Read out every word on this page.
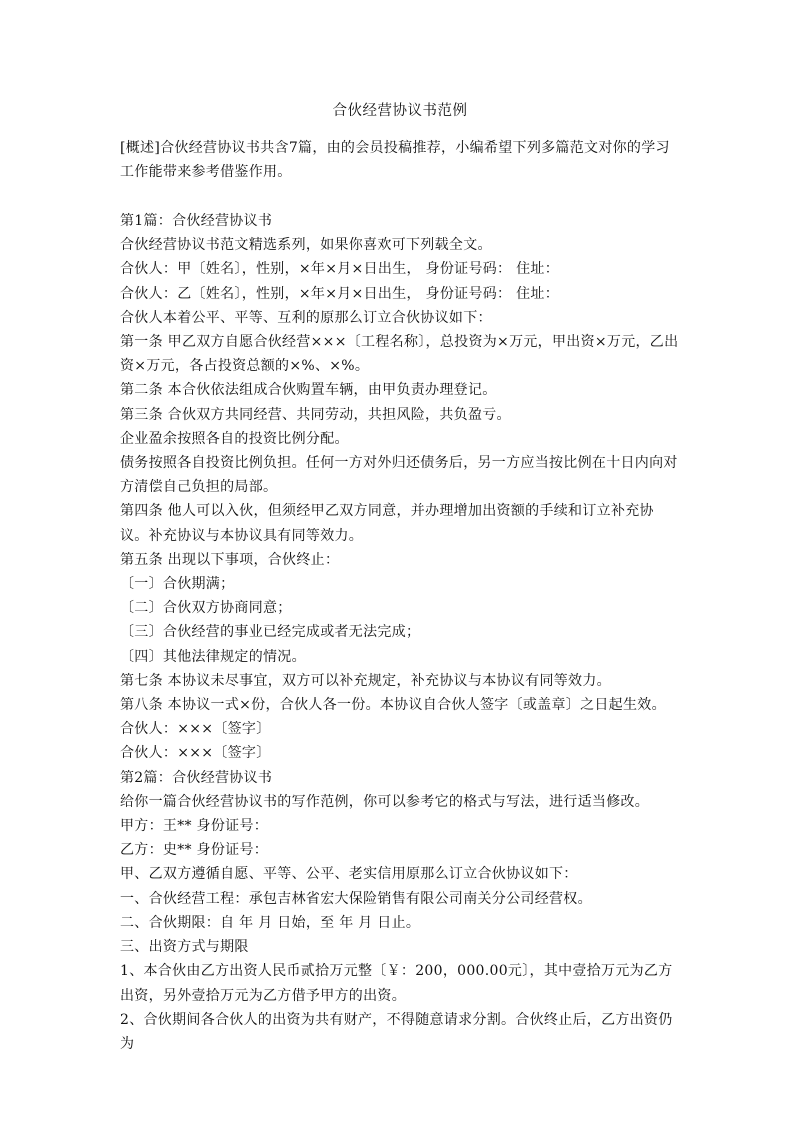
合伙经营协议书范例
[概述]合伙经营协议书共含7篇，由的会员投稿推荐，小编希望下列多篇范文对你的学习工作能带来参考借鉴作用。
第1篇：合伙经营协议书
合伙经营协议书范文精选系列，如果你喜欢可下列载全文。
合伙人：甲〔姓名〕，性别，×年×月×日出生， 身份证号码： 住址：
合伙人：乙〔姓名〕，性别，×年×月×日出生， 身份证号码： 住址：
合伙人本着公平、平等、互利的原那么订立合伙协议如下：
第一条 甲乙双方自愿合伙经营×××〔工程名称〕，总投资为×万元，甲出资×万元，乙出资×万元，各占投资总额的×%、×%。
第二条 本合伙依法组成合伙购置车辆，由甲负责办理登记。
第三条 合伙双方共同经营、共同劳动，共担风险，共负盈亏。
企业盈余按照各自的投资比例分配。
债务按照各自投资比例负担。任何一方对外归还债务后，另一方应当按比例在十日内向对方清偿自己负担的局部。
第四条 他人可以入伙，但须经甲乙双方同意，并办理增加出资额的手续和订立补充协议。补充协议与本协议具有同等效力。
第五条 出现以下事项，合伙终止：
〔一〕合伙期满；
〔二〕合伙双方协商同意；
〔三〕合伙经营的事业已经完成或者无法完成；
〔四〕其他法律规定的情况。
第七条 本协议未尽事宜，双方可以补充规定，补充协议与本协议有同等效力。
第八条 本协议一式×份，合伙人各一份。本协议自合伙人签字〔或盖章〕之日起生效。
合伙人：×××〔签字〕
合伙人：×××〔签字〕
第2篇：合伙经营协议书
给你一篇合伙经营协议书的写作范例，你可以参考它的格式与写法，进行适当修改。
甲方：王** 身份证号：
乙方：史** 身份证号：
甲、乙双方遵循自愿、平等、公平、老实信用原那么订立合伙协议如下：
一、合伙经营工程：承包吉林省宏大保险销售有限公司南关分公司经营权。
二、合伙期限：自 年 月 日始，至 年 月 日止。
三、出资方式与期限
1、本合伙由乙方出资人民币贰拾万元整〔￥：200，000.00元〕，其中壹拾万元为乙方出资，另外壹拾万元为乙方借予甲方的出资。
2、合伙期间各合伙人的出资为共有财产，不得随意请求分割。合伙终止后，乙方出资仍为
